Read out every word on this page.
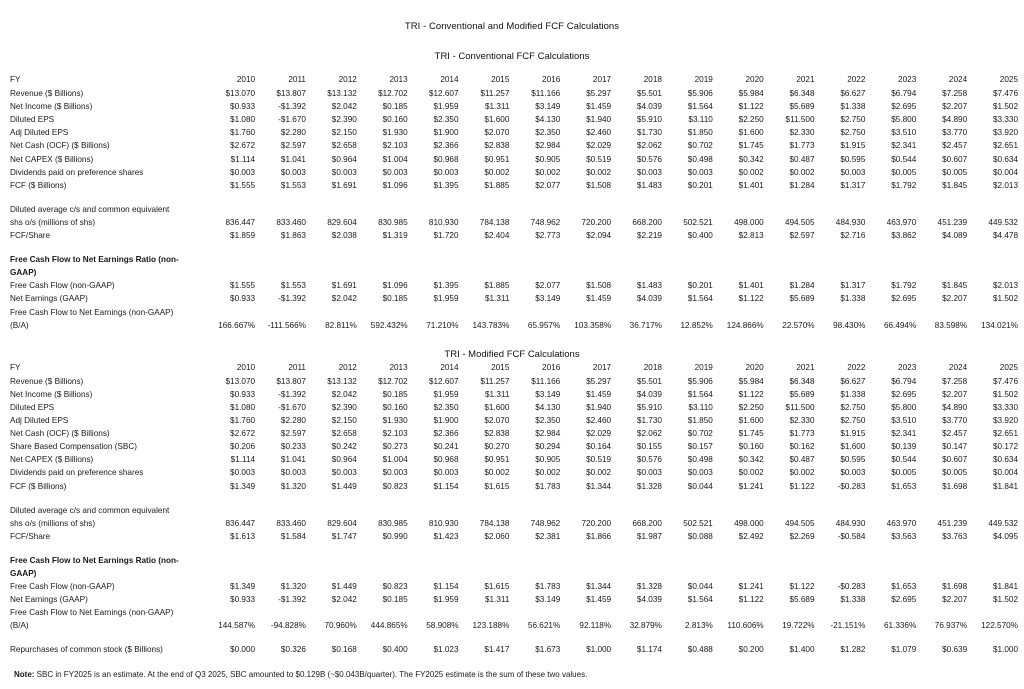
TRI - Conventional and Modified FCF Calculations
TRI - Conventional FCF Calculations
FY	2010	2011	2012	2013	2014	2015	2016	2017	2018	2019	2020	2021	2022	2023	2024	2025
Revenue ($ Billions)	$13.070	$13.807	$13.132	$12.702	$12.607	$11.257	$11.166	$5.297	$5.501	$5.906	$5.984	$6.348	$6.627	$6.794	$7.258	$7.476
Net Income ($ Billions)	$0.933	-$1.392	$2.042	$0.185	$1.959	$1.311	$3.149	$1.459	$4.039	$1.564	$1.122	$5.689	$1.338	$2.695	$2.207	$1.502
Diluted EPS	$1.080	-$1.670	$2.390	$0.160	$2.350	$1.600	$4.130	$1.940	$5.910	$3.110	$2.250	$11.500	$2.750	$5.800	$4.890	$3.330
Adj Diluted EPS	$1.760	$2.280	$2.150	$1.930	$1.900	$2.070	$2.350	$2.460	$1.730	$1.850	$1.600	$2.330	$2.750	$3.510	$3.770	$3.920
Net Cash (OCF) ($ Billions)	$2.672	$2.597	$2.658	$2.103	$2.366	$2.838	$2.984	$2.029	$2.062	$0.702	$1.745	$1.773	$1.915	$2.341	$2.457	$2.651
Net CAPEX ($ Billions)	$1.114	$1.041	$0.964	$1.004	$0.968	$0.951	$0.905	$0.519	$0.576	$0.498	$0.342	$0.487	$0.595	$0.544	$0.607	$0.634
Dividends paid on preference shares	$0.003	$0.003	$0.003	$0.003	$0.003	$0.002	$0.002	$0.002	$0.003	$0.003	$0.002	$0.002	$0.003	$0.005	$0.005	$0.004
FCF ($ Billions)	$1.555	$1.553	$1.691	$1.096	$1.395	$1.885	$2.077	$1.508	$1.483	$0.201	$1.401	$1.284	$1.317	$1.792	$1.845	$2.013

Diluted average c/s and common equivalent																
shs o/s (millions of shs)	836.447	833.460	829.604	830.985	810.930	784.138	748.962	720.200	668.200	502.521	498.000	494.505	484.930	463.970	451.239	449.532
FCF/Share	$1.859	$1.863	$2.038	$1.319	$1.720	$2.404	$2.773	$2.094	$2.219	$0.400	$2.813	$2.597	$2.716	$3.862	$4.089	$4.478

Free Cash Flow to Net Earnings Ratio (non-																
GAAP)																
Free Cash Flow (non-GAAP)	$1.555	$1.553	$1.691	$1.096	$1.395	$1.885	$2.077	$1.508	$1.483	$0.201	$1.401	$1.284	$1.317	$1.792	$1.845	$2.013
Net Earnings (GAAP)	$0.933	-$1.392	$2.042	$0.185	$1.959	$1.311	$3.149	$1.459	$4.039	$1.564	$1.122	$5.689	$1.338	$2.695	$2.207	$1.502
Free Cash Flow to Net Earnings (non-GAAP)																
(B/A)	166.667%	-111.566%	82.811%	592.432%	71.210%	143.783%	65.957%	103.358%	36.717%	12.852%	124.866%	22.570%	98.430%	66.494%	83.598%	134.021%
TRI - Modified FCF Calculations
FY	2010	2011	2012	2013	2014	2015	2016	2017	2018	2019	2020	2021	2022	2023	2024	2025
Revenue ($ Billions)	$13.070	$13.807	$13.132	$12.702	$12.607	$11.257	$11.166	$5.297	$5.501	$5.906	$5.984	$6.348	$6.627	$6.794	$7.258	$7.476
Net Income ($ Billions)	$0.933	-$1.392	$2.042	$0.185	$1.959	$1.311	$3.149	$1.459	$4.039	$1.564	$1.122	$5.689	$1.338	$2.695	$2.207	$1.502
Diluted EPS	$1.080	-$1.670	$2.390	$0.160	$2.350	$1.600	$4.130	$1.940	$5.910	$3.110	$2.250	$11.500	$2.750	$5.800	$4.890	$3.330
Adj Diluted EPS	$1.760	$2.280	$2.150	$1.930	$1.900	$2.070	$2.350	$2.460	$1.730	$1.850	$1.600	$2.330	$2.750	$3.510	$3.770	$3.920
Net Cash (OCF) ($ Billions)	$2.672	$2.597	$2.658	$2.103	$2.366	$2.838	$2.984	$2.029	$2.062	$0.702	$1.745	$1.773	$1.915	$2.341	$2.457	$2.651
Share Based Compensation (SBC)	$0.206	$0.233	$0.242	$0.273	$0.241	$0.270	$0.294	$0.164	$0.155	$0.157	$0.160	$0.162	$1.600	$0.139	$0.147	$0.172
Net CAPEX ($ Billions)	$1.114	$1.041	$0.964	$1.004	$0.968	$0.951	$0.905	$0.519	$0.576	$0.498	$0.342	$0.487	$0.595	$0.544	$0.607	$0.634
Dividends paid on preference shares	$0.003	$0.003	$0.003	$0.003	$0.003	$0.002	$0.002	$0.002	$0.003	$0.003	$0.002	$0.002	$0.003	$0.005	$0.005	$0.004
FCF ($ Billions)	$1.349	$1.320	$1.449	$0.823	$1.154	$1.615	$1.783	$1.344	$1.328	$0.044	$1.241	$1.122	-$0.283	$1.653	$1.698	$1.841

Diluted average c/s and common equivalent																
shs o/s (millions of shs)	836.447	833.460	829.604	830.985	810.930	784.138	748.962	720.200	668.200	502.521	498.000	494.505	484.930	463.970	451.239	449.532
FCF/Share	$1.613	$1.584	$1.747	$0.990	$1.423	$2.060	$2.381	$1.866	$1.987	$0.088	$2.492	$2.269	-$0.584	$3.563	$3.763	$4.095

Free Cash Flow to Net Earnings Ratio (non-																
GAAP)																
Free Cash Flow (non-GAAP)	$1.349	$1.320	$1.449	$0.823	$1.154	$1.615	$1.783	$1.344	$1.328	$0.044	$1.241	$1.122	-$0.283	$1.653	$1.698	$1.841
Net Earnings (GAAP)	$0.933	-$1.392	$2.042	$0.185	$1.959	$1.311	$3.149	$1.459	$4.039	$1.564	$1.122	$5.689	$1.338	$2.695	$2.207	$1.502
Free Cash Flow to Net Earnings (non-GAAP)																
(B/A)	144.587%	-94.828%	70.960%	444.865%	58.908%	123.188%	56.621%	92.118%	32.879%	2.813%	110.606%	19.722%	-21.151%	61.336%	76.937%	122.570%

Repurchases of common stock ($ Billions)	$0.000	$0.326	$0.168	$0.400	$1.023	$1.417	$1.673	$1.000	$1.174	$0.488	$0.200	$1.400	$1.282	$1.079	$0.639	$1.000
Note: SBC in FY2025 is an estimate. At the end of Q3 2025, SBC amounted to $0.129B (~$0.043B/quarter). The FY2025 estimate is the sum of these two values.
